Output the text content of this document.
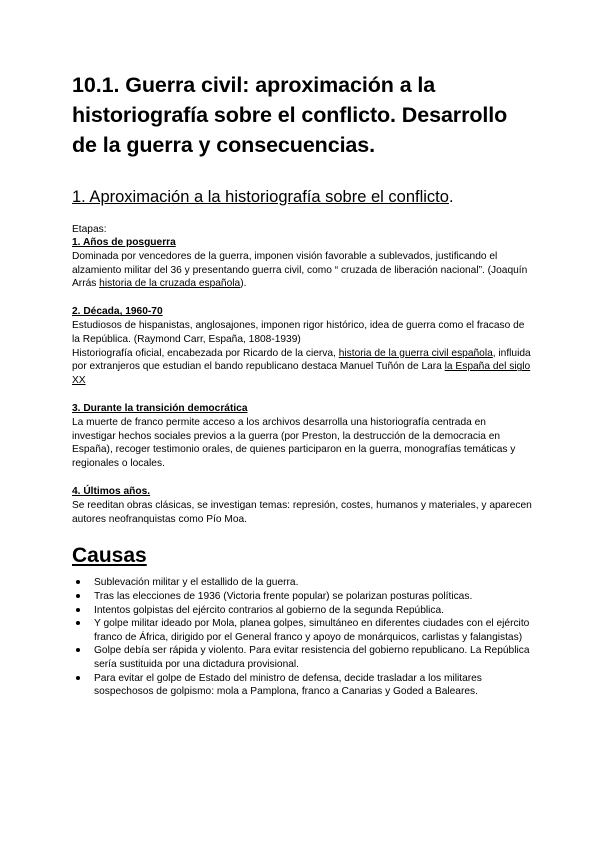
10.1. Guerra civil: aproximación a la historiografía sobre el conflicto. Desarrollo de la guerra y consecuencias.
1. Aproximación a la historiografía sobre el conflicto.
Etapas:
1. Años de posguerra

Dominada por vencedores de la guerra, imponen visión favorable a sublevados, justificando el alzamiento militar del 36 y presentando guerra civil, como “ cruzada de liberación nacional”. (Joaquín Arrás historia de la cruzada española).

2. Década, 1960-70

Estudiosos de hispanistas, anglosajones, imponen rigor histórico, idea de guerra como el fracaso de la República. (Raymond Carr, España, 1808-1939)

Historiografía oficial, encabezada por Ricardo de la cierva, historia de la guerra civil española, influida por extranjeros que estudian el bando republicano destaca Manuel Tuñón de Lara la España del siglo XX

3. Durante la transición democrática

La muerte de franco permite acceso a los archivos desarrolla una historiografía centrada en investigar hechos sociales previos a la guerra (por Preston, la destrucción de la democracia en España), recoger testimonio orales, de quienes participaron en la guerra, monografías temáticas y regionales o locales.

4. Últimos años.

Se reeditan obras clásicas, se investigan temas: represión, costes, humanos y materiales, y aparecen autores neofranquistas como Pío Moa.

Causas
Sublevación militar y el estallido de la guerra.
Tras las elecciones de 1936 (Victoria frente popular) se polarizan posturas políticas.
Intentos golpistas del ejército contrarios al gobierno de la segunda República.
Y golpe militar ideado por Mola, planea golpes, simultáneo en diferentes ciudades con el ejército franco de África, dirigido por el General franco y apoyo de monárquicos, carlistas y falangistas)
Golpe debía ser rápida y violento. Para evitar resistencia del gobierno republicano. La República sería sustituida por una dictadura provisional.
Para evitar el golpe de Estado del ministro de defensa, decide trasladar a los militares sospechosos de golpismo: mola a Pamplona, franco a Canarias y Goded a Baleares.
